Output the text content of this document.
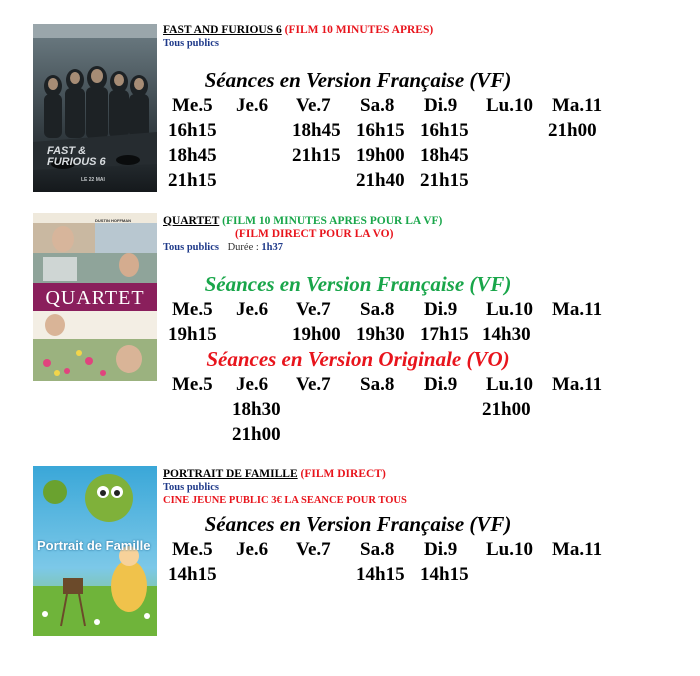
FAST & FURIOUS 6
LE 22 MAI
FAST AND FURIOUS 6 (FILM 10 MINUTES APRES)
Tous publics
Séances en Version Française (VF)
Me.5
16h15
18h45
21h15
Je.6 Ve.7
18h45
21h15
Sa.8
16h15
19h00
21h40
Di.9
16h15
18h45
21h15
Lu.10 Ma.11
21h00
DUSTIN HOFFMAN
QUARTET
QUARTET (FILM 10 MINUTES APRES POUR LA VF)
(FILM DIRECT POUR LA VO)
Tous publics Durée : 1h37
Séances en Version Française (VF)
Me.5
19h15
Je.6 Ve.7
19h00
Sa.8
19h30
Di.9
17h15
Lu.10
14h30
Ma.11
Séances en Version Originale (VO)
Me.5 Je.6
18h30
21h00
Ve.7 Sa.8 Di.9 Lu.10
21h00
Ma.11
Portrait de Famille
PORTRAIT DE FAMILLE (FILM DIRECT)
Tous publics
CINE JEUNE PUBLIC 3€ LA SEANCE POUR TOUS
Séances en Version Française (VF)
Me.5
14h15
Je.6 Ve.7 Sa.8
14h15
Di.9
14h15
Lu.10 Ma.11
